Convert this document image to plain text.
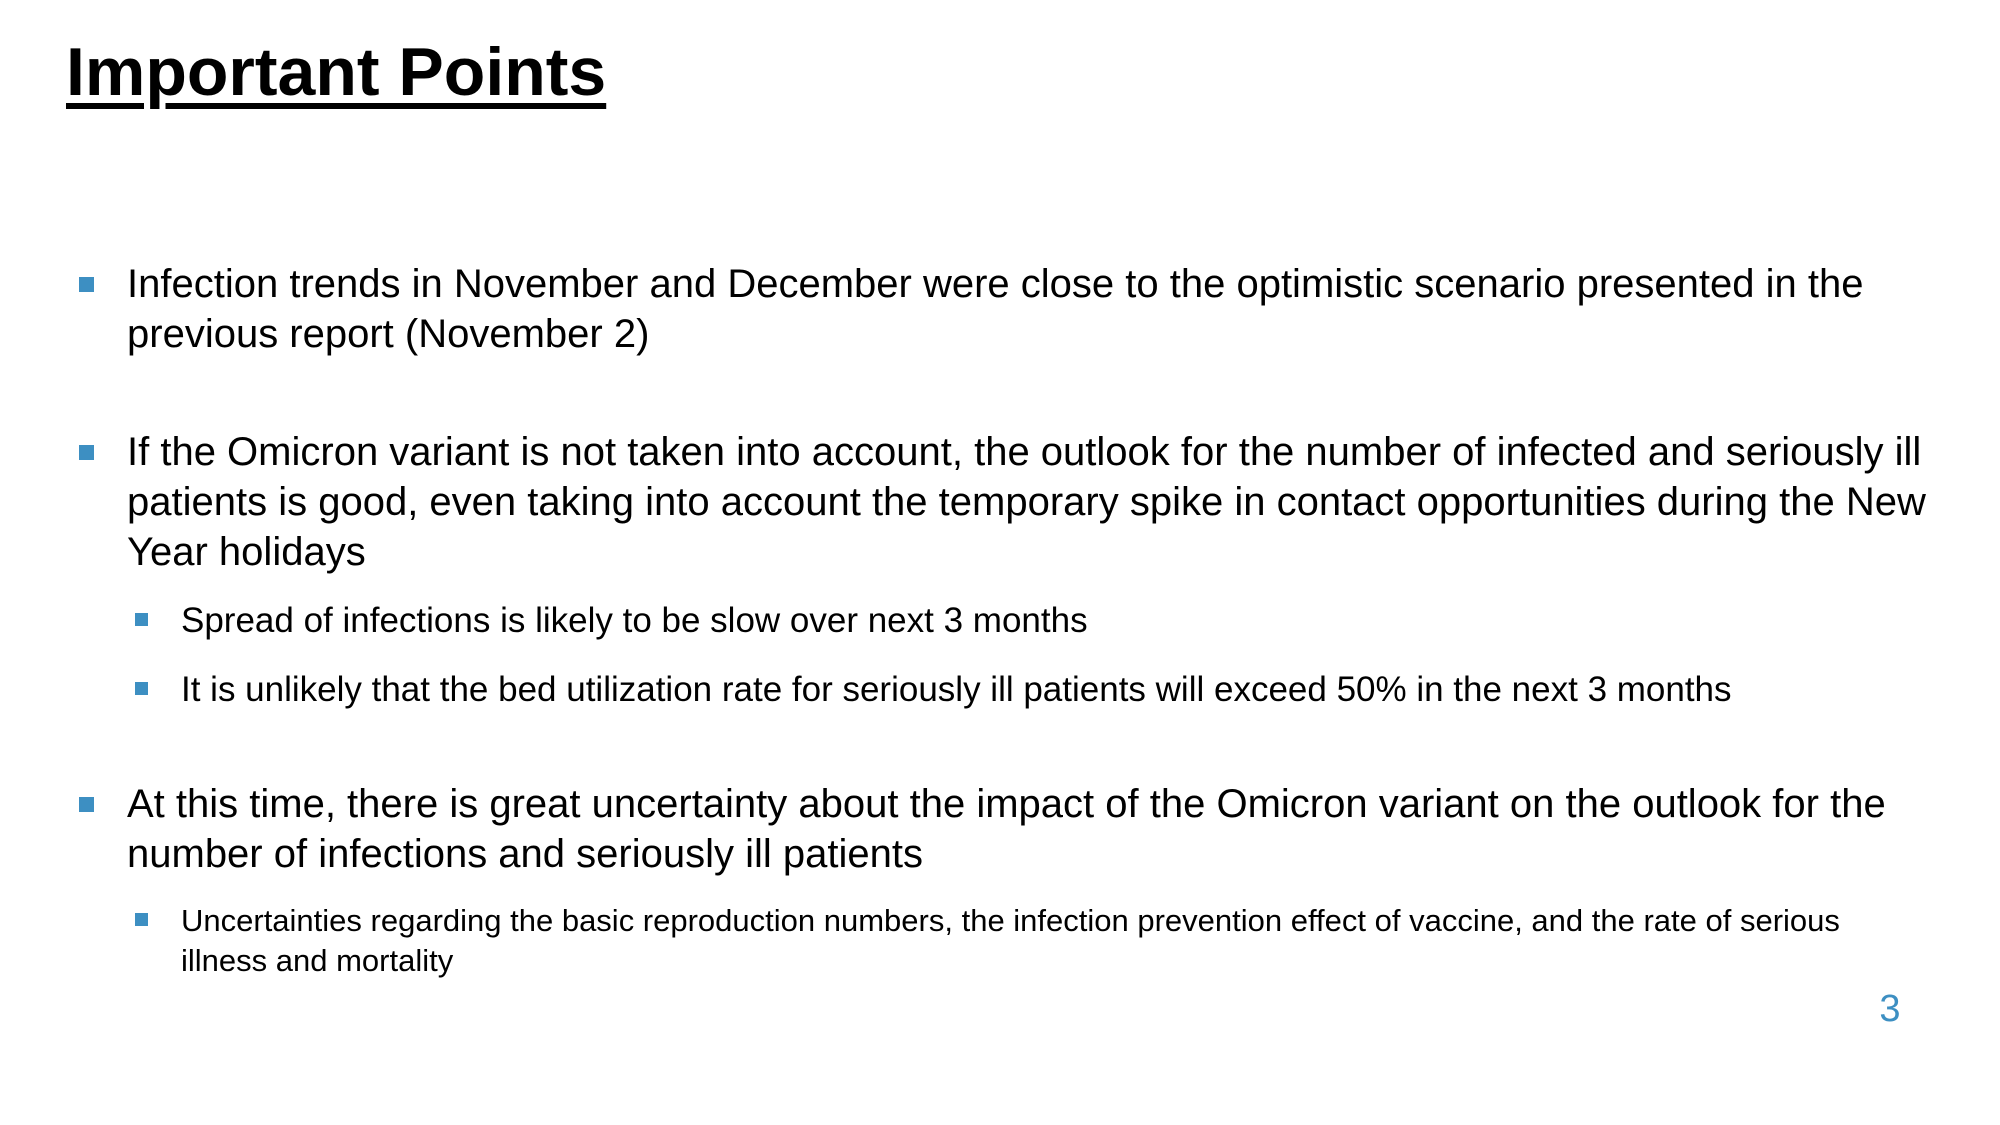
Important Points
Infection trends in November and December were close to the optimistic scenario presented in the previous report (November 2)
If the Omicron variant is not taken into account, the outlook for the number of infected and seriously ill patients is good, even taking into account the temporary spike in contact opportunities during the New Year holidays
Spread of infections is likely to be slow over next 3 months
It is unlikely that the bed utilization rate for seriously ill patients will exceed 50% in the next 3 months
At this time, there is great uncertainty about the impact of the Omicron variant on the outlook for the number of infections and seriously ill patients
Uncertainties regarding the basic reproduction numbers, the infection prevention effect of vaccine, and the rate of serious illness and mortality
3
